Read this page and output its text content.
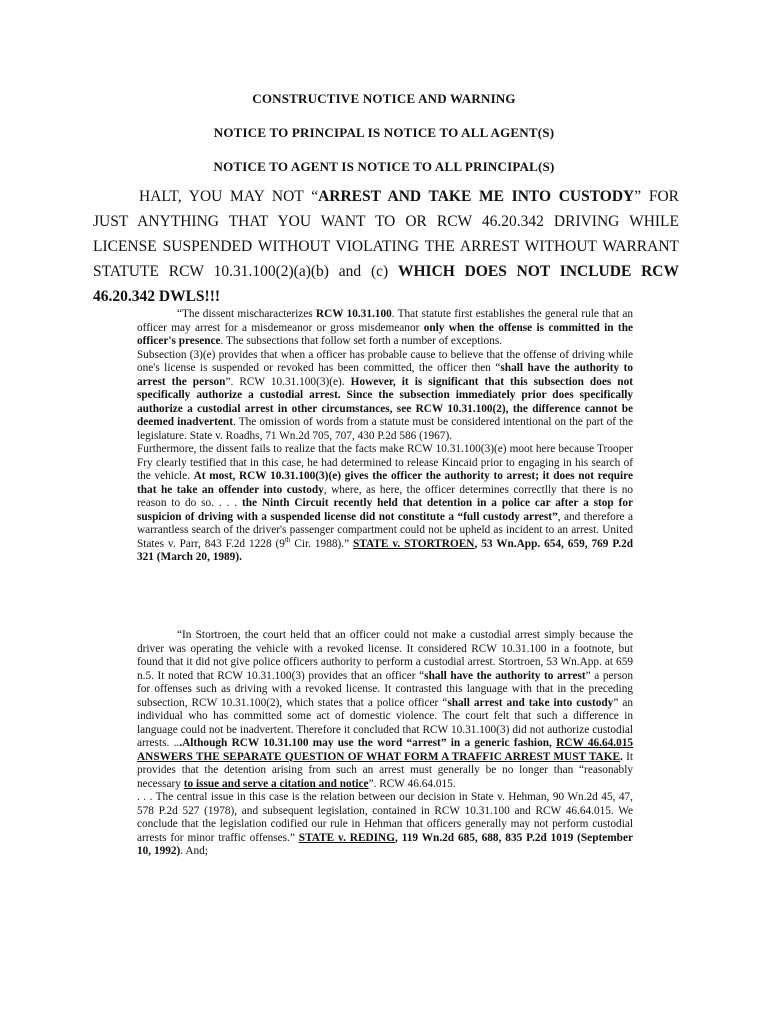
CONSTRUCTIVE NOTICE AND WARNING

NOTICE TO PRINCIPAL IS NOTICE TO ALL AGENT(S)

NOTICE TO AGENT IS NOTICE TO ALL PRINCIPAL(S)

HALT, YOU MAY NOT “ARREST AND TAKE ME INTO CUSTODY” FOR JUST ANYTHING THAT YOU WANT TO OR RCW 46.20.342 DRIVING WHILE LICENSE SUSPENDED WITHOUT VIOLATING THE ARREST WITHOUT WARRANT STATUTE RCW 10.31.100(2)(a)(b) and (c) WHICH DOES NOT INCLUDE RCW 46.20.342 DWLS!!!

“The dissent mischaracterizes RCW 10.31.100. That statute first establishes the general rule that an officer may arrest for a misdemeanor or gross misdemeanor only when the offense is committed in the officer's presence. The subsections that follow set forth a number of exceptions.

Subsection (3)(e) provides that when a officer has probable cause to believe that the offense of driving while one's license is suspended or revoked has been committed, the officer then “shall have the authority to arrest the person”. RCW 10.31.100(3)(e). However, it is significant that this subsection does not specifically authorize a custodial arrest. Since the subsection immediately prior does specifically authorize a custodial arrest in other circumstances, see RCW 10.31.100(2), the difference cannot be deemed inadvertent. The omission of words from a statute must be considered intentional on the part of the legislature. State v. Roadhs, 71 Wn.2d 705, 707, 430 P.2d 586 (1967).

Furthermore, the dissent fails to realize that the facts make RCW 10.31.100(3)(e) moot here because Trooper Fry clearly testified that in this case, he had determined to release Kincaid prior to engaging in his search of the vehicle. At most, RCW 10.31.100(3)(e) gives the officer the authority to arrest; it does not require that he take an offender into custody, where, as here, the officer determines correctlly that there is no reason to do so. . . . the Ninth Circuit recently held that detention in a police car after a stop for suspicion of driving with a suspended license did not constitute a “full custody arrest”, and therefore a warrantless search of the driver's passenger compartment could not be upheld as incident to an arrest. United States v. Parr, 843 F.2d 1228 (9th Cir. 1988).” STATE v. STORTROEN, 53 Wn.App. 654, 659, 769 P.2d 321 (March 20, 1989).

“In Stortroen, the court held that an officer could not make a custodial arrest simply because the driver was operating the vehicle with a revoked license. It considered RCW 10.31.100 in a footnote, but found that it did not give police officers authority to perform a custodial arrest. Stortroen, 53 Wn.App. at 659 n.5. It noted that RCW 10.31.100(3) provides that an officer “shall have the authority to arrest” a person for offenses such as driving with a revoked license. It contrasted this language with that in the preceding subsection, RCW 10.31.100(2), which states that a police officer “shall arrest and take into custody” an individual who has committed some act of domestic violence. The court felt that such a difference in language could not be inadvertent. Therefore it concluded that RCW 10.31.100(3) did not authorize custodial arrests. ...Although RCW 10.31.100 may use the word “arrest” in a generic fashion, RCW 46.64.015 ANSWERS THE SEPARATE QUESTION OF WHAT FORM A TRAFFIC ARREST MUST TAKE. It provides that the detention arising from such an arrest must generally be no longer than “reasonably necessary to issue and serve a citation and notice”. RCW 46.64.015.

. . . The central issue in this case is the relation between our decision in State v. Hehman, 90 Wn.2d 45, 47, 578 P.2d 527 (1978), and subsequent legislation, contained in RCW 10.31.100 and RCW 46.64.015. We conclude that the legislation codified our rule in Hehman that officers generally may not perform custodial arrests for minor traffic offenses.” STATE v. REDING, 119 Wn.2d 685, 688, 835 P.2d 1019 (September 10, 1992). And;
